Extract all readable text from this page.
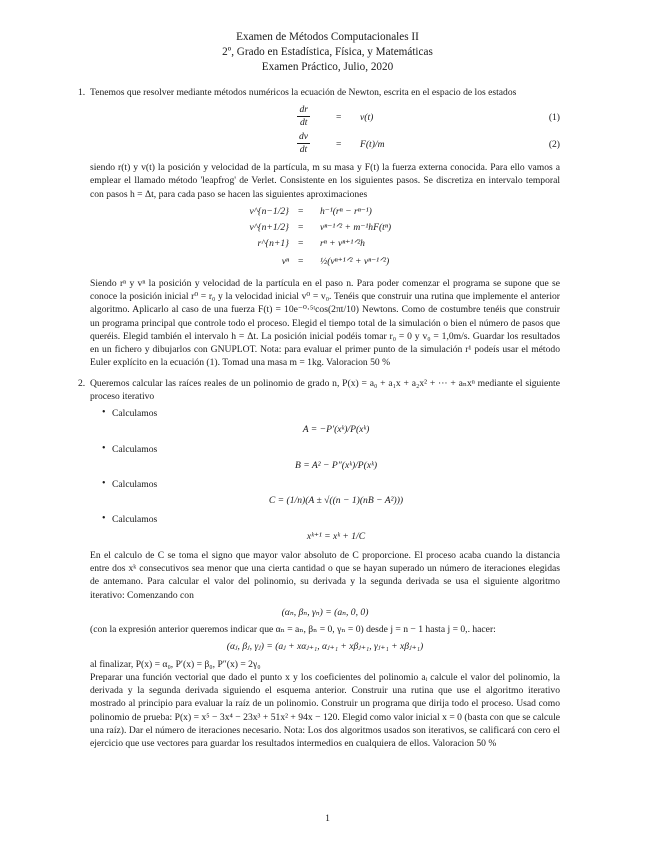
Examen de Métodos Computacionales II
2º, Grado en Estadística, Física, y Matemáticas
Examen Práctico, Julio, 2020
1. Tenemos que resolver mediante métodos numéricos la ecuación de Newton, escrita en el espacio de los estados

$\frac{dr}{dt}$	= v(t)	(1)
$\frac{dv}{dt}$	= F(t)/m	(2)

siendo r(t) y v(t) la posición y velocidad de la partícula, m su masa y F(t) la fuerza externa conocida. Para ello vamos a emplear el llamado método 'leapfrog' de Verlet. Consistente en los siguientes pasos. Se discretiza en intervalo temporal con pasos h = Δt, para cada paso se hacen las siguientes aproximaciones

v^{n−1/2} = h⁻¹(rⁿ − rⁿ⁻¹)
v^{n+1/2} = vⁿ⁻¹ᐟ² + m⁻¹hF(tⁿ)
r^{n+1} = rⁿ + vⁿ⁺¹ᐟ²h
vⁿ = ½(vⁿ⁺¹ᐟ² + vⁿ⁻¹ᐟ²)

Siendo rⁿ y vⁿ la posición y velocidad de la partícula en el paso n. Para poder comenzar el programa se supone que se conoce la posición inicial r⁰ = r₀ y la velocidad inicial v⁰ = v₀. Tenéis que construir una rutina que implemente el anterior algoritmo. Aplicarlo al caso de una fuerza F(t) = 10e⁻⁰·⁵ᵗcos(2πt/10) Newtons. Como de costumbre tenéis que construir un programa principal que controle todo el proceso. Elegid el tiempo total de la simulación o bien el número de pasos que queréis. Elegid también el intervalo h = Δt. La posición inicial podéis tomar r₀ = 0 y v₀ = 1,0m/s. Guardar los resultados en un fichero y dibujarlos con GNUPLOT. Nota: para evaluar el primer punto de la simulación r¹ podeís usar el método Euler explícito en la ecuación (1). Tomad una masa m = 1kg. Valoracion 50 %

2. Queremos calcular las raíces reales de un polinomio de grado n, P(x) = a₀ + a₁x + a₂x² + ··· + aₙxⁿ mediante el siguiente proceso iterativo

• Calculamos
A = −P′(xᵏ)/P(xᵏ)
• Calculamos
B = A² − P″(xᵏ)/P(xᵏ)
• Calculamos
C = (1/n)(A ± √((n − 1)(nB − A²)))
• Calculamos
xᵏ⁺¹ = xᵏ + 1/C

En el calculo de C se toma el signo que mayor valor absoluto de C proporcione. El proceso acaba cuando la distancia entre dos xᵏ consecutivos sea menor que una cierta cantidad o que se hayan superado un número de iteraciones elegidas de antemano. Para calcular el valor del polinomio, su derivada y la segunda derivada se usa el siguiente algoritmo iterativo: Comenzando con

(αₙ, βₙ, γₙ) = (aₙ, 0, 0)

(con la expresión anterior queremos indicar que αₙ = aₙ, βₙ = 0, γₙ = 0) desde j = n − 1 hasta j = 0,. hacer:

(αⱼ, βⱼ, γⱼ) = (aⱼ + xαⱼ₊₁, αⱼ₊₁ + xβⱼ₊₁, γⱼ₊₁ + xβⱼ₊₁)

al finalizar, P(x) = α₀, P′(x) = β₀, P″(x) = 2γ₀

Preparar una función vectorial que dado el punto x y los coeficientes del polinomio aᵢ calcule el valor del polinomio, la derivada y la segunda derivada siguiendo el esquema anterior. Construir una rutina que use el algoritmo iterativo mostrado al principio para evaluar la raíz de un polinomio. Construir un programa que dirija todo el proceso. Usad como polinomio de prueba: P(x) = x⁵ − 3x⁴ − 23x³ + 51x² + 94x − 120. Elegid como valor inicial x = 0 (basta con que se calcule una raíz). Dar el número de iteraciones necesario. Nota: Los dos algoritmos usados son iterativos, se calificará con cero el ejercicio que use vectores para guardar los resultados intermedios en cualquiera de ellos. Valoracion 50 %

1
